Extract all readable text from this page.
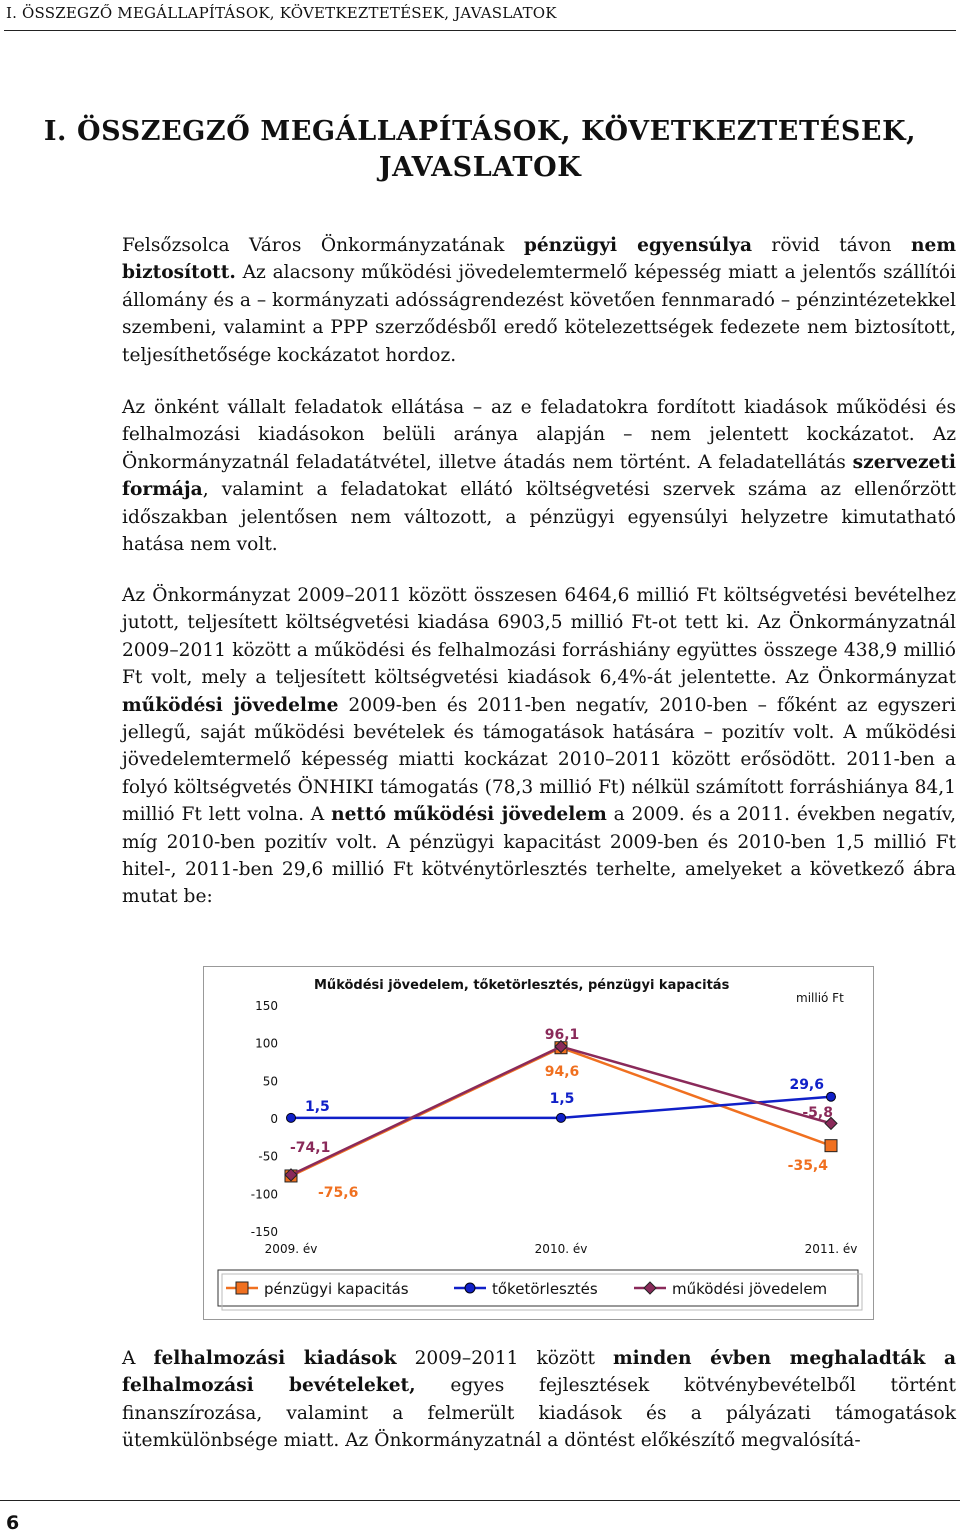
I. ÖSSZEGZŐ MEGÁLLAPÍTÁSOK, KÖVETKEZTETÉSEK, JAVASLATOK
I. ÖSSZEGZŐ MEGÁLLAPÍTÁSOK, KÖVETKEZTETÉSEK,
JAVASLATOK

Felsőzsolca Város Önkormányzatának pénzügyi egyensúlya rövid távon nem biztosított. Az alacsony működési jövedelemtermelő képesség miatt a jelentős szállítói állomány és a – kormányzati adósságrendezést követően fennmaradó – pénzintézetekkel szembeni, valamint a PPP szerződésből eredő kötelezettségek fedezete nem biztosított, teljesíthetősége kockázatot hordoz.

Az önként vállalt feladatok ellátása – az e feladatokra fordított kiadások működési és felhalmozási kiadásokon belüli aránya alapján – nem jelentett kockázatot. Az Önkormányzatnál feladatátvétel, illetve átadás nem történt. A feladatellátás szervezeti formája, valamint a feladatokat ellátó költségvetési szervek száma az ellenőrzött időszakban jelentősen nem változott, a pénzügyi egyensúlyi helyzetre kimutatható hatása nem volt.

Az Önkormányzat 2009–2011 között összesen 6464,6 millió Ft költségvetési bevételhez jutott, teljesített költségvetési kiadása 6903,5 millió Ft-ot tett ki. Az Önkormányzatnál 2009–2011 között a működési és felhalmozási forráshiány együttes összege 438,9 millió Ft volt, mely a teljesített költségvetési kiadások 6,4%-át jelentette. Az Önkormányzat működési jövedelme 2009-ben és 2011-ben negatív, 2010-ben – főként az egyszeri jellegű, saját működési bevételek és támogatások hatására – pozitív volt. A működési jövedelemtermelő képesség miatti kockázat 2010–2011 között erősödött. 2011-ben a folyó költségvetés ÖNHIKI támogatás (78,3 millió Ft) nélkül számított forráshiánya 84,1 millió Ft lett volna. A nettó működési jövedelem a 2009. és a 2011. években negatív, míg 2010-ben pozitív volt. A pénzügyi kapacitást 2009-ben és 2010-ben 1,5 millió Ft hitel-, 2011-ben 29,6 millió Ft kötvénytörlesztés terhelte, amelyeket a következő ábra mutat be:

Működési jövedelem, tőketörlesztés, pénzügyi kapacitás
millió Ft
150
100
50
0
-50
-100
-150
2009. év	2010. év	2011. év
-75,6
94,6
-35,4
1,5	1,5
29,6
-74,1
96,1
-5,8
pénzügyi kapacitás	tőketörlesztés	működési jövedelem

A felhalmozási kiadások 2009–2011 között minden évben meghaladták a felhalmozási bevételeket, egyes fejlesztések kötvénybevételből történt finanszírozása, valamint a felmerült kiadások és a pályázati támogatások ütemkülönbsége miatt. Az Önkormányzatnál a döntést előkészítő megvalósítá-

6
